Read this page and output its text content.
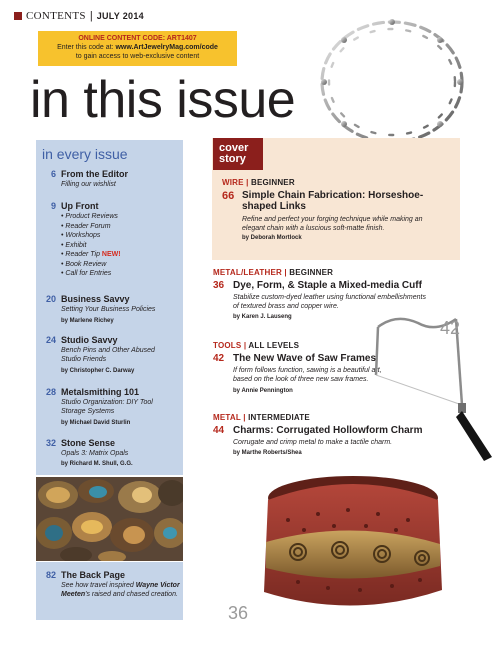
CONTENTS | JULY 2014
ONLINE CONTENT CODE: ART1407
Enter this code at: www.ArtJewelryMag.com/code
to gain access to web-exclusive content
in this issue
in every issue
6 From the Editor
Filling our wishlist
9 Up Front
• Product Reviews
• Reader Forum
• Workshops
• Exhibit
• Reader Tip NEW!
• Book Review
• Call for Entries
20 Business Savvy
Setting Your Business Policies
by Marlene Richey
24 Studio Savvy
Bench Pins and Other Abused Studio Friends
by Christopher C. Darway
28 Metalsmithing 101
Studio Organization: DIY Tool Storage Systems
by Michael David Sturlin
32 Stone Sense
Opals 3: Matrix Opals
by Richard M. Shull, G.G.
82 The Back Page
See how travel inspired Wayne Victor Meeten's raised and chased creation.
cover
story
WIRE | BEGINNER
66 Simple Chain Fabrication: Horseshoe-shaped Links
Refine and perfect your forging technique while making an elegant chain with a luscious soft-matte finish.
by Deborah Mortlock
METAL/LEATHER | BEGINNER
36 Dye, Form, & Staple a Mixed-media Cuff
Stabilize custom-dyed leather using functional embellishments of textured brass and copper wire.
by Karen J. Lauseng
TOOLS | ALL LEVELS
42 The New Wave of Saw Frames
If form follows function, sawing is a beautiful art, based on the look of three new saw frames.
by Annie Pennington
METAL | INTERMEDIATE
44 Charms: Corrugated Hollowform Charm
Corrugate and crimp metal to make a tactile charm.
by Marthe Roberts/Shea
42
36
